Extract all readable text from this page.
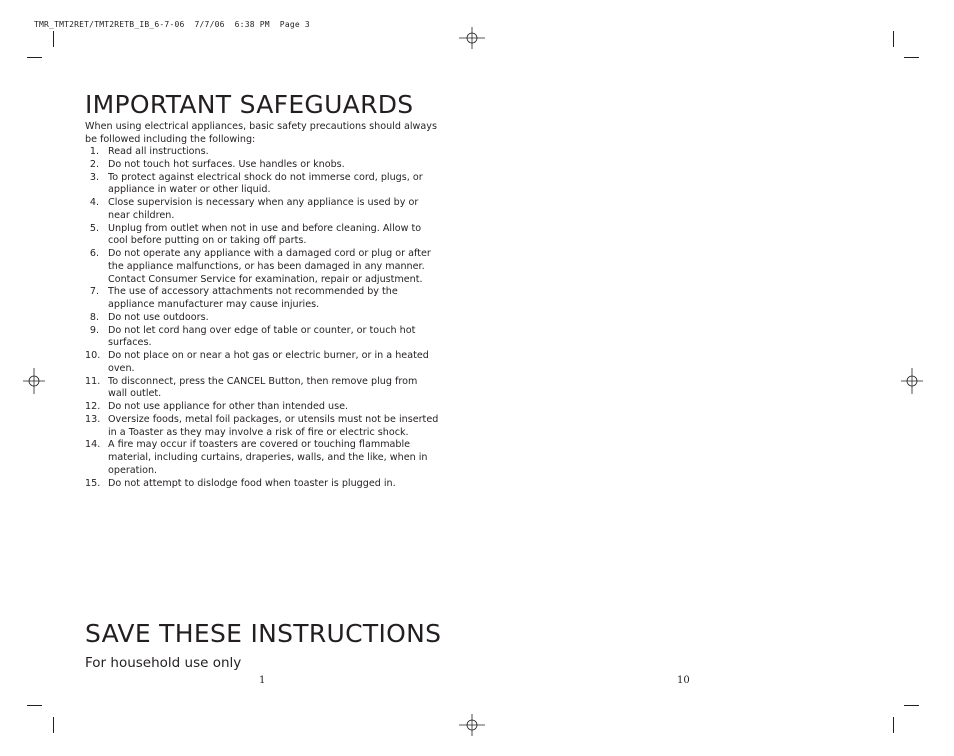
TMR_TMT2RET/TMT2RETB_IB_6-7-06  7/7/06  6:38 PM  Page 3
IMPORTANT SAFEGUARDS

When using electrical appliances, basic safety precautions should always be followed including the following:

1. Read all instructions.
2. Do not touch hot surfaces. Use handles or knobs.
3. To protect against electrical shock do not immerse cord, plugs, or appliance in water or other liquid.
4. Close supervision is necessary when any appliance is used by or near children.
5. Unplug from outlet when not in use and before cleaning. Allow to cool before putting on or taking off parts.
6. Do not operate any appliance with a damaged cord or plug or after the appliance malfunctions, or has been damaged in any manner. Contact Consumer Service for examination, repair or adjustment.
7. The use of accessory attachments not recommended by the appliance manufacturer may cause injuries.
8. Do not use outdoors.
9. Do not let cord hang over edge of table or counter, or touch hot surfaces.
10. Do not place on or near a hot gas or electric burner, or in a heated oven.
11. To disconnect, press the CANCEL Button, then remove plug from wall outlet.
12. Do not use appliance for other than intended use.
13. Oversize foods, metal foil packages, or utensils must not be inserted in a Toaster as they may involve a risk of fire or electric shock.
14. A fire may occur if toasters are covered or touching flammable material, including curtains, draperies, walls, and the like, when in operation.
15. Do not attempt to dislodge food when toaster is plugged in.
SAVE THESE INSTRUCTIONS

For household use only

1	10
